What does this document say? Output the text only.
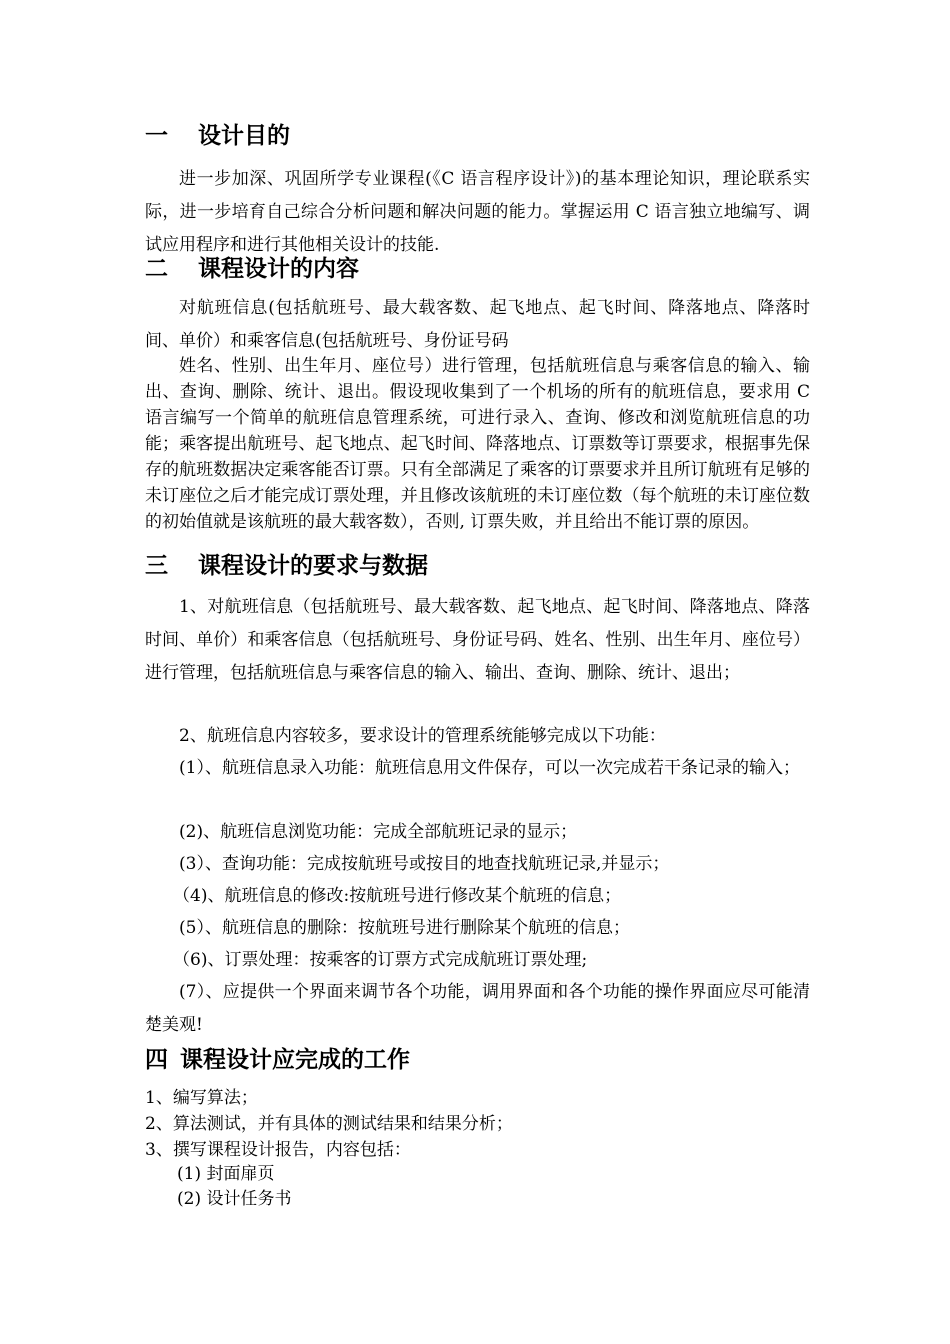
一 设计目的
进一步加深、巩固所学专业课程(《C 语言程序设计》)的基本理论知识，理论联系实际，进一步培育自己综合分析问题和解决问题的能力。掌握运用 C 语言独立地编写、调试应用程序和进行其他相关设计的技能.
二 课程设计的内容
对航班信息(包括航班号、最大载客数、起飞地点、起飞时间、降落地点、降落时间、单价）和乘客信息(包括航班号、身份证号码
姓名、性别、出生年月、座位号）进行管理，包括航班信息与乘客信息的输入、输出、查询、删除、统计、退出。假设现收集到了一个机场的所有的航班信息，要求用 C 语言编写一个简单的航班信息管理系统，可进行录入、查询、修改和浏览航班信息的功能；乘客提出航班号、起飞地点、起飞时间、降落地点、订票数等订票要求，根据事先保存的航班数据决定乘客能否订票。只有全部满足了乘客的订票要求并且所订航班有足够的未订座位之后才能完成订票处理，并且修改该航班的未订座位数（每个航班的未订座位数的初始值就是该航班的最大载客数），否则, 订票失败，并且给出不能订票的原因。
三 课程设计的要求与数据
1、对航班信息（包括航班号、最大载客数、起飞地点、起飞时间、降落地点、降落时间、单价）和乘客信息（包括航班号、身份证号码、姓名、性别、出生年月、座位号）进行管理，包括航班信息与乘客信息的输入、输出、查询、删除、统计、退出；
2、航班信息内容较多，要求设计的管理系统能够完成以下功能：
(1）、航班信息录入功能：航班信息用文件保存，可以一次完成若干条记录的输入；
(2)、航班信息浏览功能：完成全部航班记录的显示；
(3）、查询功能：完成按航班号或按目的地查找航班记录,并显示；
（4)、航班信息的修改:按航班号进行修改某个航班的信息；
(5）、航班信息的删除：按航班号进行删除某个航班的信息；
（6)、订票处理：按乘客的订票方式完成航班订票处理;
(7）、应提供一个界面来调节各个功能，调用界面和各个功能的操作界面应尽可能清楚美观!
四 课程设计应完成的工作
1、编写算法；
2、算法测试，并有具体的测试结果和结果分析；
3、撰写课程设计报告，内容包括：
(1) 封面扉页
(2) 设计任务书
